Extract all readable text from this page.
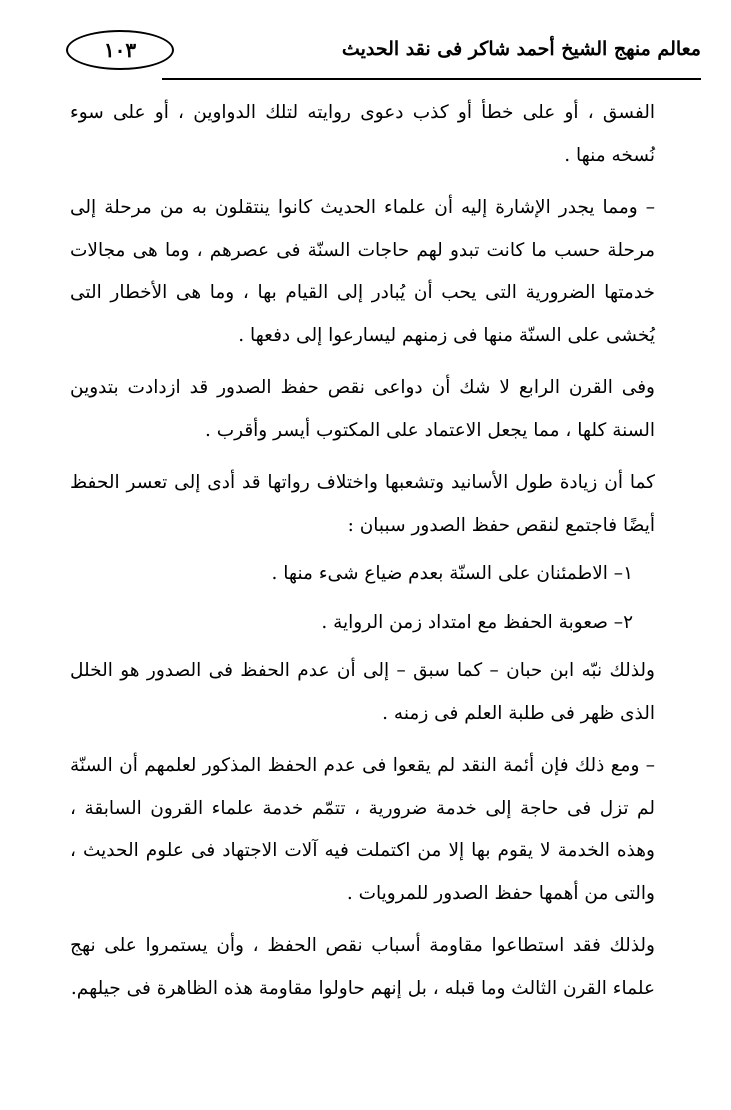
١٠٣	معالم منهج الشيخ أحمد شاكر فى نقد الحديث

الفسق ، أو على خطأ أو كذب دعوى روايته لتلك الدواوين ، أو على سوء نُسخه منها .

– ومما يجدر الإشارة إليه أن علماء الحديث كانوا ينتقلون به من مرحلة إلى مرحلة حسب ما كانت تبدو لهم حاجات السنّة فى عصرهم ، وما هى مجالات خدمتها الضرورية التى يحب أن يُبادر إلى القيام بها ، وما هى الأخطار التى يُخشى على السنّة منها فى زمنهم ليسارعوا إلى دفعها .

وفى القرن الرابع لا شك أن دواعى نقص حفظ الصدور قد ازدادت بتدوين السنة كلها ، مما يجعل الاعتماد على المكتوب أيسر وأقرب .

كما أن زيادة طول الأسانيد وتشعبها واختلاف رواتها قد أدى إلى تعسر الحفظ أيضًا فاجتمع لنقص حفظ الصدور سببان :

١– الاطمئنان على السنّة بعدم ضياع شىء منها .

٢– صعوبة الحفظ مع امتداد زمن الرواية .

ولذلك نبّه ابن حبان – كما سبق – إلى أن عدم الحفظ فى الصدور هو الخلل الذى ظهر فى طلبة العلم فى زمنه .

– ومع ذلك فإن أئمة النقد لم يقعوا فى عدم الحفظ المذكور لعلمهم أن السنّة لم تزل فى حاجة إلى خدمة ضرورية ، تتمّم خدمة علماء القرون السابقة ، وهذه الخدمة لا يقوم بها إلا من اكتملت فيه آلات الاجتهاد فى علوم الحديث ، والتى من أهمها حفظ الصدور للمرويات .

ولذلك فقد استطاعوا مقاومة أسباب نقص الحفظ ، وأن يستمروا على نهج علماء القرن الثالث وما قبله ، بل إنهم حاولوا مقاومة هذه الظاهرة فى جيلهم.
